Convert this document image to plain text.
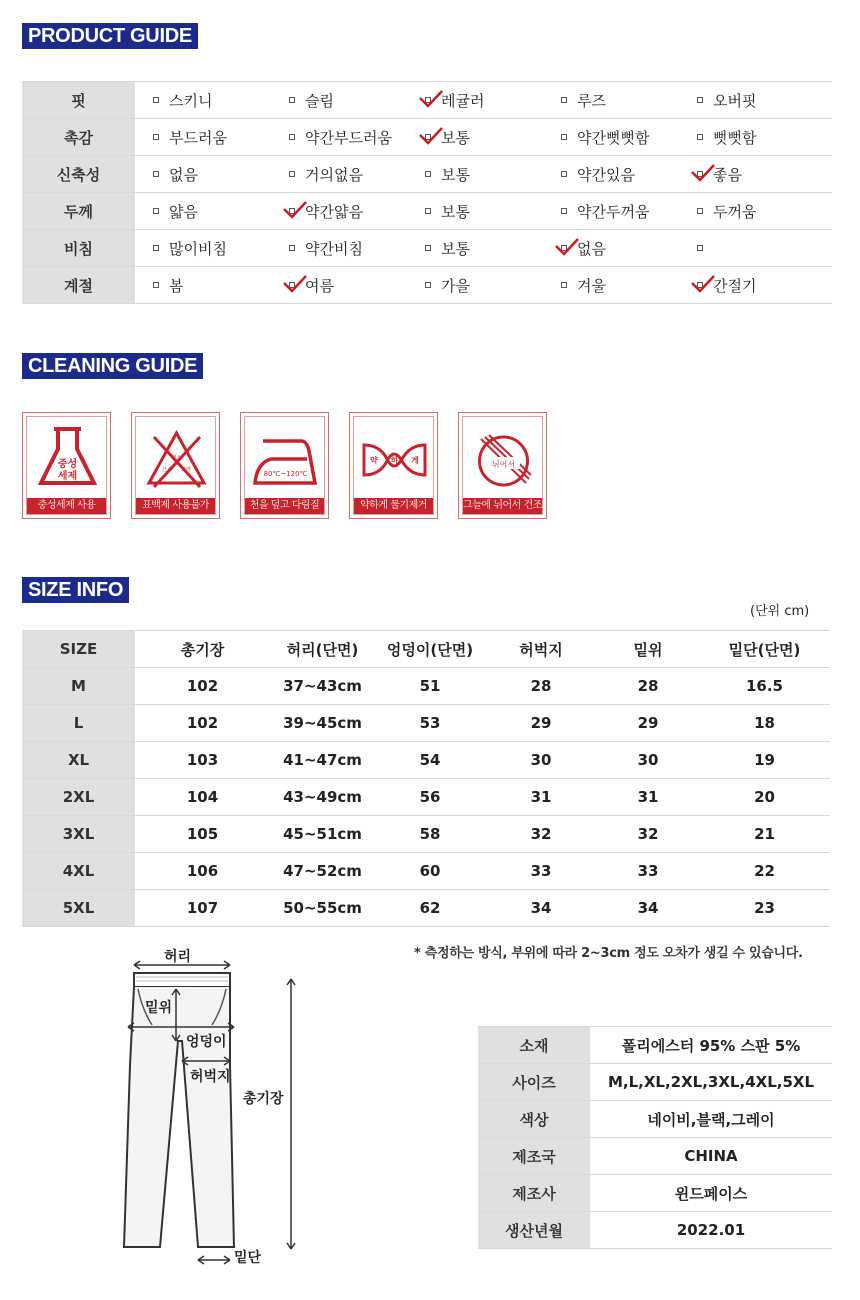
PRODUCT GUIDE
CLEANING GUIDE
SIZE INFO
핏	스키니	슬림	레귤러	루즈	오버핏
촉감	부드러움	약간부드러움	보통	약간뻣뻣함	뻣뻣함
신축성	없음	거의없음	보통	약간있음	좋음
두께	얇음	약간얇음	보통	약간두꺼움	두꺼움
비침	많이비침	약간비침	보통	없음
계절	봄	여름	가을	겨울	간절기
중성
세제
중성세제 사용
염소
산소 표백
표백제 사용불가
80℃~120℃
천을 덮고 다림질
약 하 게
약하게 물기제거
뉘어서
그늘에 뉘어서 건조
(단위 cm)
SIZE	총기장	허리(단면)	엉덩이(단면)	허벅지	밑위	밑단(단면)
M	102	37~43cm	51	28	28	16.5
L	102	39~45cm	53	29	29	18
XL	103	41~47cm	54	30	30	19
2XL	104	43~49cm	56	31	31	20
3XL	105	45~51cm	58	32	32	21
4XL	106	47~52cm	60	33	33	22
5XL	107	50~55cm	62	34	34	23
* 측정하는 방식, 부위에 따라 2~3cm 정도 오차가 생길 수 있습니다.
허리
밑위
엉덩이
허벅지
총기장
밑단
소재	폴리에스터 95% 스판 5%
사이즈	M,L,XL,2XL,3XL,4XL,5XL
색상	네이비,블랙,그레이
제조국	CHINA
제조사	윈드페이스
생산년월	2022.01
